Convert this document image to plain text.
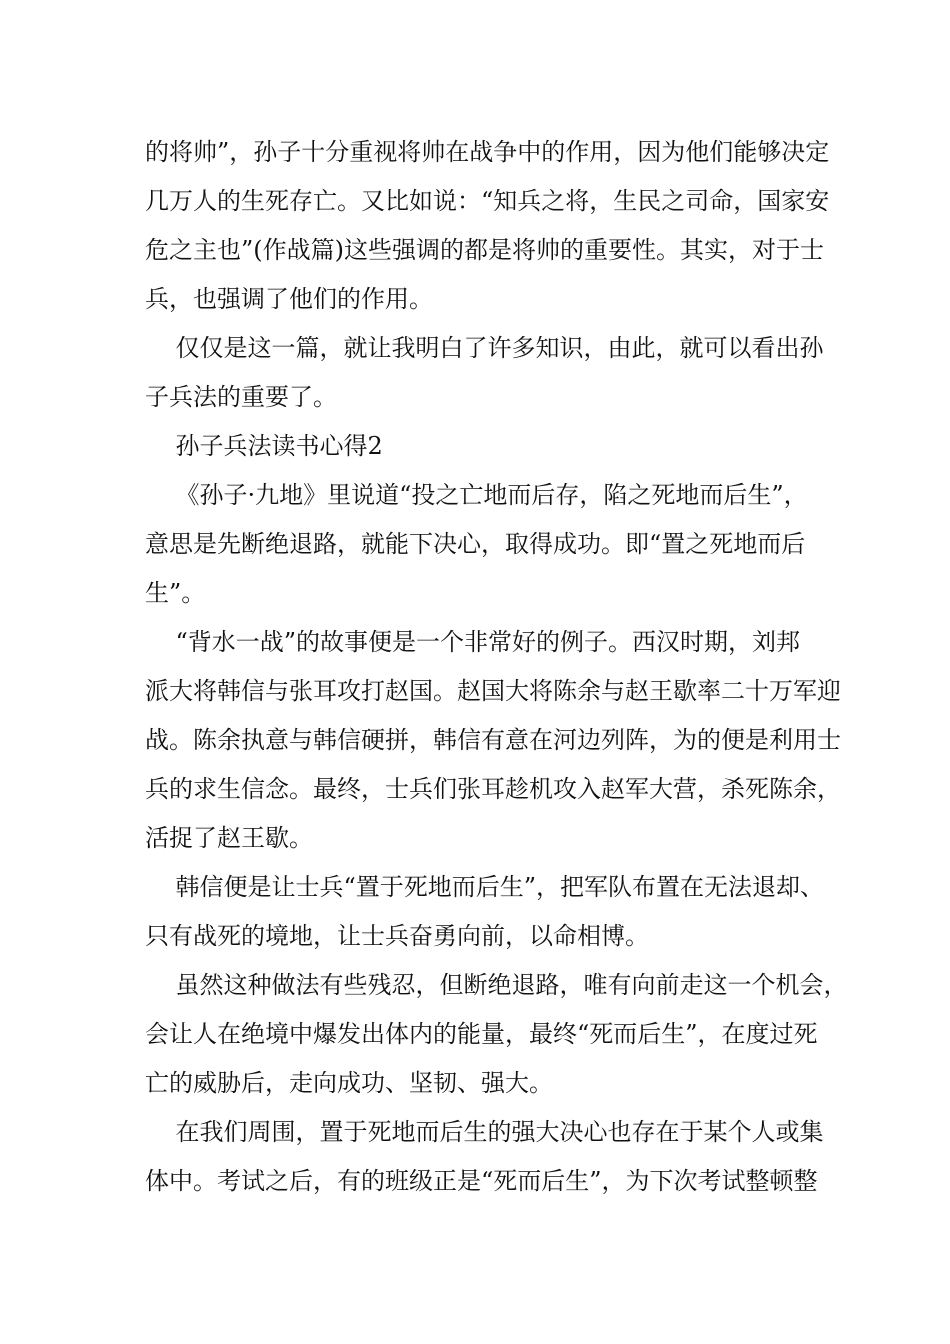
的将帅”，孙子十分重视将帅在战争中的作用，因为他们能够决定
几万人的生死存亡。又比如说：“知兵之将，生民之司命，国家安
危之主也”(作战篇)这些强调的都是将帅的重要性。其实，对于士
兵，也强调了他们的作用。
仅仅是这一篇，就让我明白了许多知识，由此，就可以看出孙
子兵法的重要了。
孙子兵法读书心得2
《孙子·九地》里说道“投之亡地而后存，陷之死地而后生”，
意思是先断绝退路，就能下决心，取得成功。即“置之死地而后
生”。
“背水一战”的故事便是一个非常好的例子。西汉时期，刘邦
派大将韩信与张耳攻打赵国。赵国大将陈余与赵王歇率二十万军迎
战。陈余执意与韩信硬拼，韩信有意在河边列阵，为的便是利用士
兵的求生信念。最终，士兵们张耳趁机攻入赵军大营，杀死陈余，
活捉了赵王歇。
韩信便是让士兵“置于死地而后生”，把军队布置在无法退却、
只有战死的境地，让士兵奋勇向前，以命相博。
虽然这种做法有些残忍，但断绝退路，唯有向前走这一个机会，
会让人在绝境中爆发出体内的能量，最终“死而后生”，在度过死
亡的威胁后，走向成功、坚韧、强大。
在我们周围，置于死地而后生的强大决心也存在于某个人或集
体中。考试之后，有的班级正是“死而后生”，为下次考试整顿整
